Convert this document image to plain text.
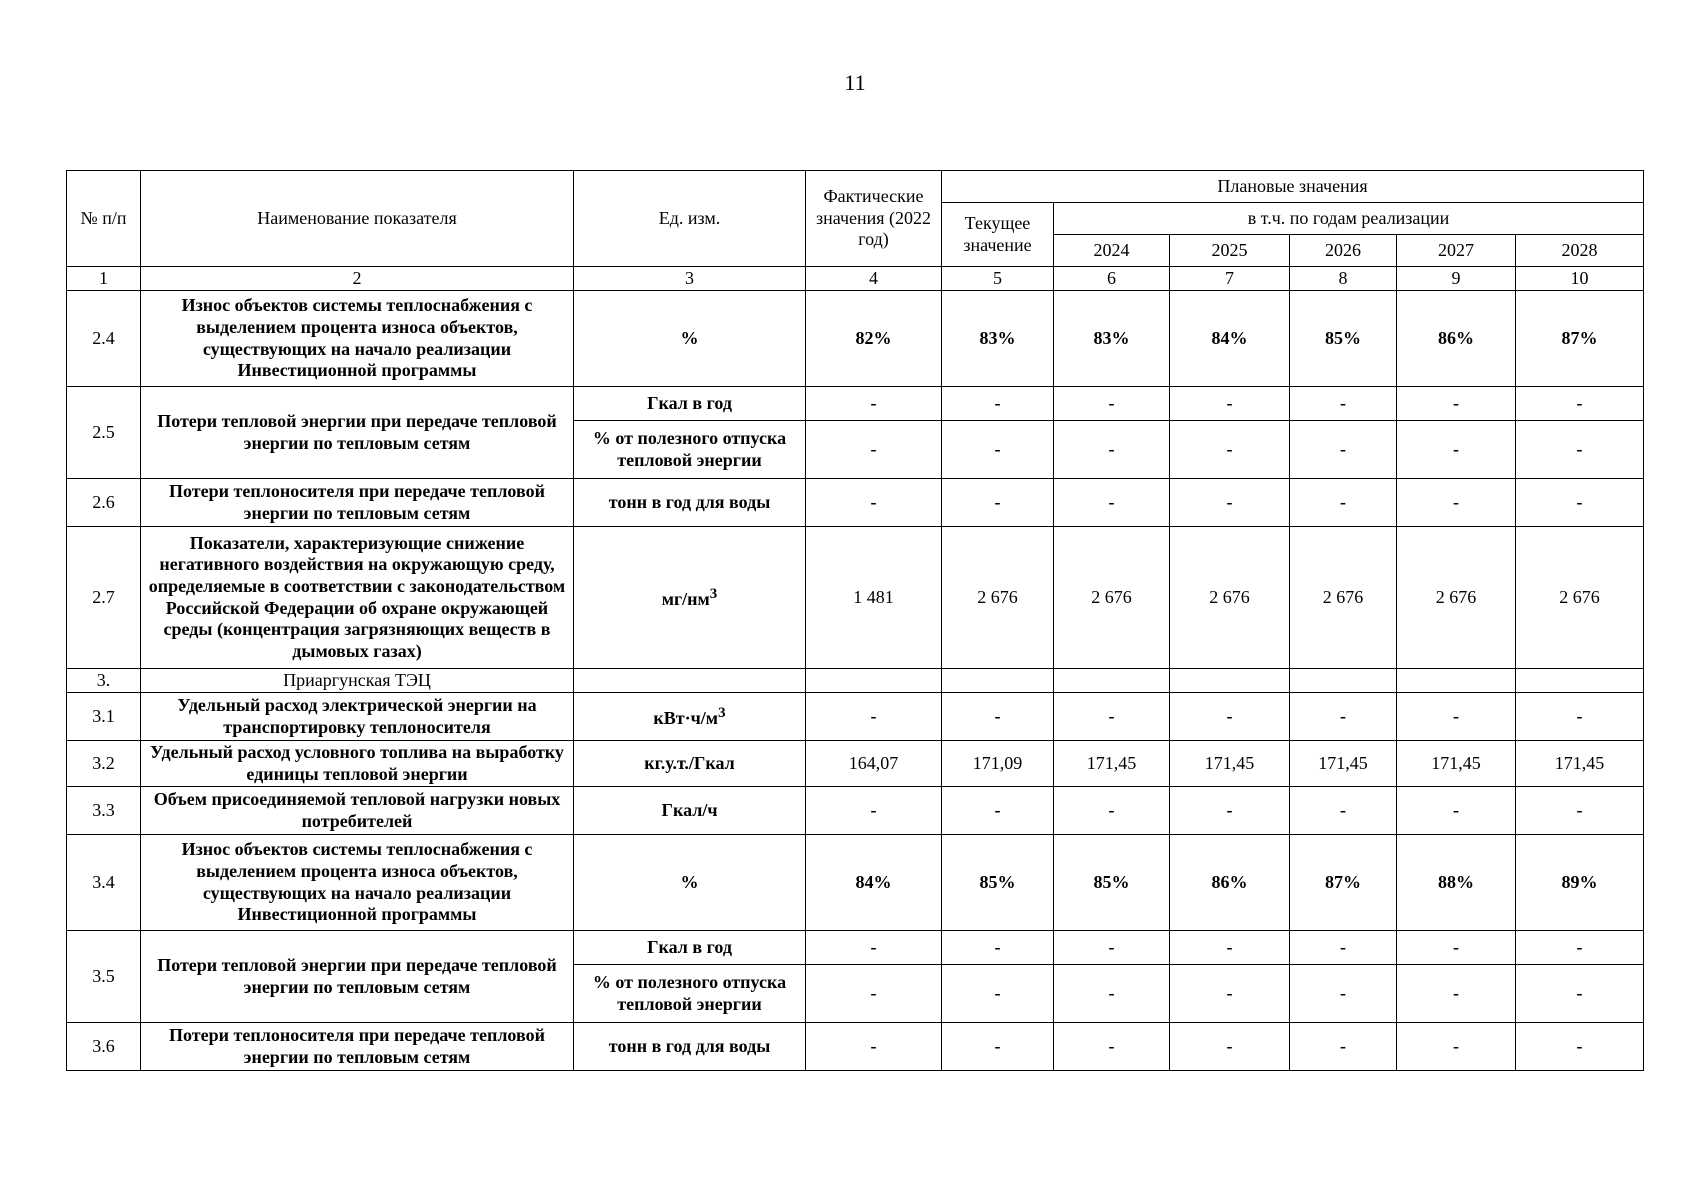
11
№ п/п	Наименование показателя	Ед. изм.	Фактические значения (2022 год)	Плановые значения					
				Текущее значение	в т.ч. по годам реализации				
					2024	2025	2026	2027	2028
1	2	3	4	5	6	7	8	9	10
2.4	Износ объектов системы теплоснабжения с выделением процента износа объектов, существующих на начало реализации Инвестиционной программы	%	82%	83%	83%	84%	85%	86%	87%
2.5	Потери тепловой энергии при передаче тепловой энергии по тепловым сетям	Гкал в год	-	-	-	-	-	-	-
		% от полезного отпуска тепловой энергии	-	-	-	-	-	-	-
2.6	Потери теплоносителя при передаче тепловой энергии по тепловым сетям	тонн в год для воды	-	-	-	-	-	-	-
2.7	Показатели, характеризующие снижение негативного воздействия на окружающую среду, определяемые в соответствии с законодательством Российской Федерации об охране окружающей среды (концентрация загрязняющих веществ в дымовых газах)	$мг/нм^3$	1 481	2 676	2 676	2 676	2 676	2 676	2 676
3.	Приаргунская ТЭЦ								
3.1	Удельный расход электрической энергии на транспортировку теплоносителя	$кВт\cdot ч/м^3$	-	-	-	-	-	-	-
3.2	Удельный расход условного топлива на выработку единицы тепловой энергии	кг.у.т./Гкал	164,07	171,09	171,45	171,45	171,45	171,45	171,45
3.3	Объем присоединяемой тепловой нагрузки новых потребителей	Гкал/ч	-	-	-	-	-	-	-
3.4	Износ объектов системы теплоснабжения с выделением процента износа объектов, существующих на начало реализации Инвестиционной программы	%	84%	85%	85%	86%	87%	88%	89%
3.5	Потери тепловой энергии при передаче тепловой энергии по тепловым сетям	Гкал в год	-	-	-	-	-	-	-
		% от полезного отпуска тепловой энергии	-	-	-	-	-	-	-
3.6	Потери теплоносителя при передаче тепловой энергии по тепловым сетям	тонн в год для воды	-	-	-	-	-	-	-
